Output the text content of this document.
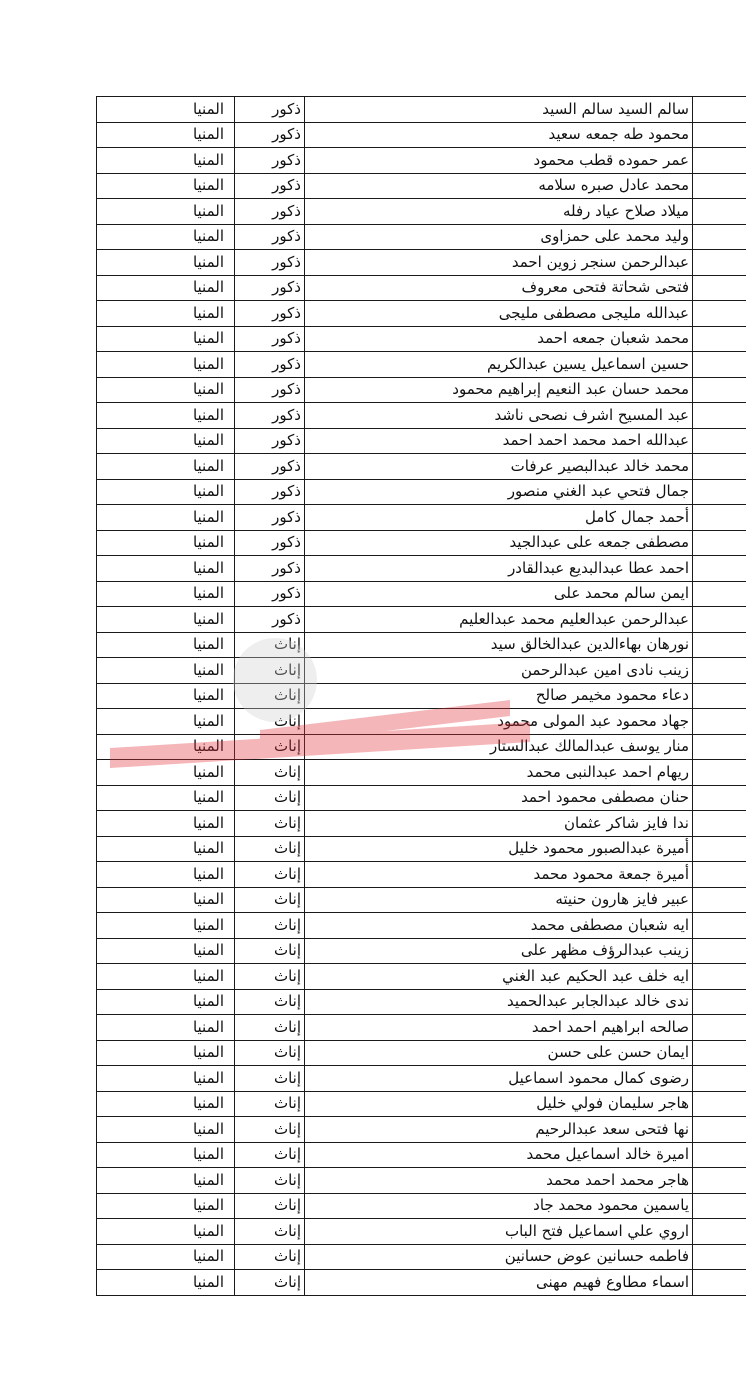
المنيا	ذكور	سالم السيد سالم السيد	
المنيا	ذكور	محمود طه جمعه سعيد	
المنيا	ذكور	عمر حموده قطب محمود	
المنيا	ذكور	محمد عادل صبره سلامه	
المنيا	ذكور	ميلاد صلاح عياد رفله	
المنيا	ذكور	وليد محمد على حمزاوى	
المنيا	ذكور	عبدالرحمن سنجر زوين احمد	
المنيا	ذكور	فتحى شحاتة فتحى معروف	
المنيا	ذكور	عبدالله مليجى مصطفى مليجى	
المنيا	ذكور	محمد شعبان جمعه احمد	
المنيا	ذكور	حسين اسماعيل يسين عبدالكريم	
المنيا	ذكور	محمد حسان عبد النعيم إبراهيم محمود	
المنيا	ذكور	عبد المسيح اشرف نصحى ناشد	
المنيا	ذكور	عبدالله احمد محمد احمد احمد	
المنيا	ذكور	محمد خالد عبدالبصير عرفات	
المنيا	ذكور	جمال فتحي عبد الغني منصور	
المنيا	ذكور	أحمد جمال كامل	
المنيا	ذكور	مصطفى جمعه على عبدالجيد	
المنيا	ذكور	احمد عطا عبدالبديع عبدالقادر	
المنيا	ذكور	ايمن سالم محمد على	
المنيا	ذكور	عبدالرحمن عبدالعليم محمد عبدالعليم	
المنيا	إناث	نورهان بهاءالدين عبدالخالق سيد	
المنيا	إناث	زينب نادى امين عبدالرحمن	
المنيا	إناث	دعاء محمود مخيمر صالح	
المنيا	إناث	جهاد محمود عبد المولى محمود	
المنيا	إناث	منار يوسف عبدالمالك عبدالستار	
المنيا	إناث	ريهام احمد عبدالنبى محمد	
المنيا	إناث	حنان مصطفى محمود احمد	
المنيا	إناث	ندا فايز شاكر عثمان	
المنيا	إناث	أميرة عبدالصبور محمود خليل	
المنيا	إناث	أميرة جمعة محمود محمد	
المنيا	إناث	عبير فايز هارون حنيته	
المنيا	إناث	ايه شعبان مصطفى محمد	
المنيا	إناث	زينب عبدالرؤف مظهر على	
المنيا	إناث	ايه خلف عبد الحكيم عبد الغني	
المنيا	إناث	ندى خالد عبدالجابر عبدالحميد	
المنيا	إناث	صالحه ابراهيم احمد احمد	
المنيا	إناث	ايمان حسن على حسن	
المنيا	إناث	رضوى كمال محمود اسماعيل	
المنيا	إناث	هاجر سليمان فولي خليل	
المنيا	إناث	نها فتحى سعد عبدالرحيم	
المنيا	إناث	اميرة خالد اسماعيل محمد	
المنيا	إناث	هاجر محمد احمد محمد	
المنيا	إناث	ياسمين محمود محمد جاد	
المنيا	إناث	اروي علي اسماعيل فتح الباب	
المنيا	إناث	فاطمه حسانين عوض حسانين	
المنيا	إناث	اسماء مطاوع فهيم مهنى	
